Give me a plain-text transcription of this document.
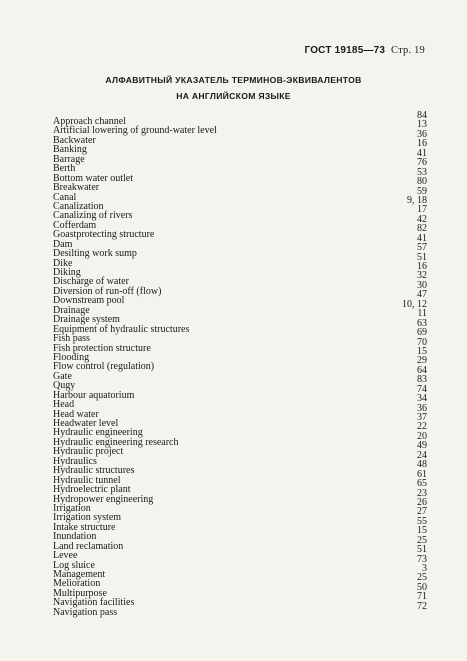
ГОСТ 19185—73 Стр. 19
АЛФАВИТНЫЙ УКАЗАТЕЛЬ ТЕРМИНОВ-ЭКВИВАЛЕНТОВ
НА АНГЛИЙСКОМ ЯЗЫКЕ
Approach channel
84
Artificial lowering of ground-water level
13
Backwater
36
Banking
16
Barrage
41
Berth
76
Bottom water outlet
53
Breakwater
80
Canal
59
Canalization
9, 18
Canalizing of rivers
17
Cofferdam
42
Goastprotecting structure
82
Dam
41
Desilting work sump
57
Dike
51
Diking
16
Discharge of water
32
Diversion of run-off (flow)
30
Downstream pool
47
Drainage
10, 12
Drainage system
11
Equipment of hydraulic structures
63
Fish pass
69
Fish protection structure
70
Flooding
15
Flow control (regulation)
29
Gate
64
Qugy
83
Harbour aquatorium
74
Head
34
Head water
36
Headwater level
37
Hydraulic engineering
22
Hydraulic engineering research
20
Hydraulic project
49
Hydraulics
24
Hydraulic structures
48
Hydraulic tunnel
61
Hydroelectric plant
65
Hydropower engineering
23
Irrigation
26
Irrigation system
27
Intake structure
55
Inundation
15
Land reclamation
25
Levee
51
Log sluice
73
Management
3
Melioration
25
Multipurpose
50
Navigation facilities
71
Navigation pass
72
